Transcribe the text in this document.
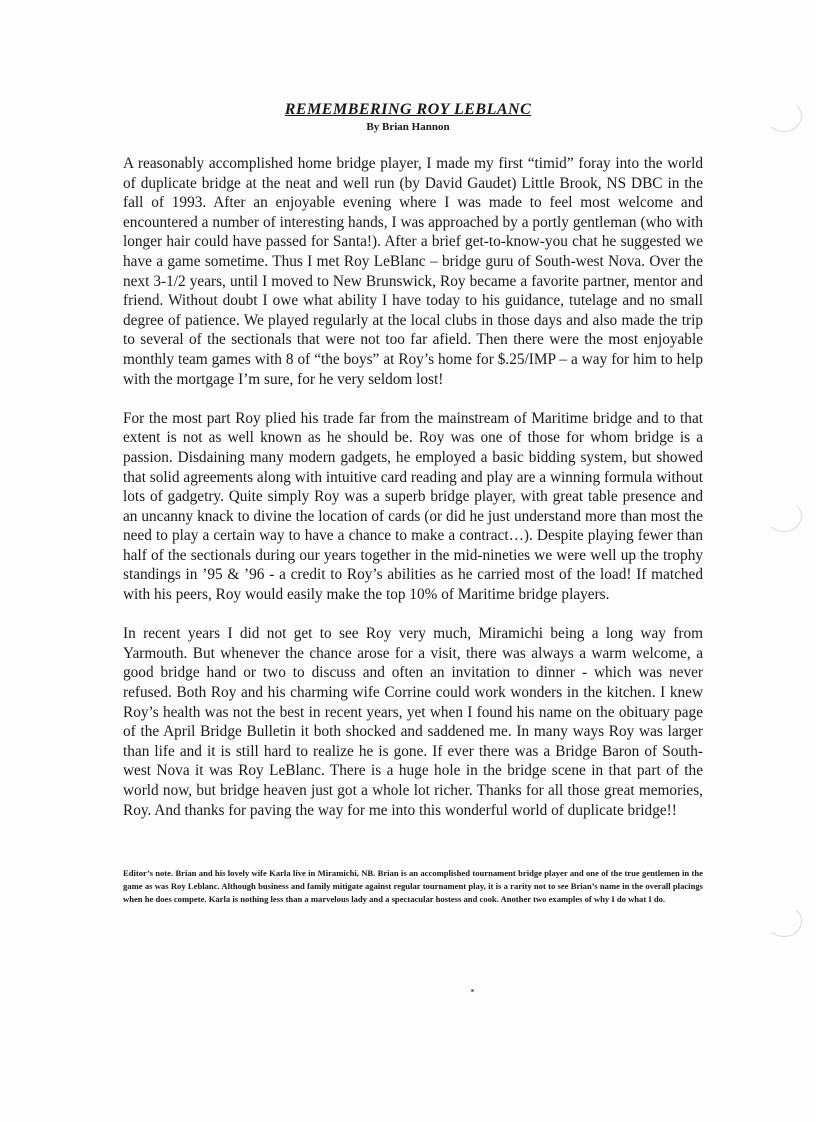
REMEMBERING ROY LEBLANC
By Brian Hannon

A reasonably accomplished home bridge player, I made my first “timid” foray into the world of duplicate bridge at the neat and well run (by David Gaudet) Little Brook, NS DBC in the fall of 1993. After an enjoyable evening where I was made to feel most welcome and encountered a number of interesting hands, I was approached by a portly gentleman (who with longer hair could have passed for Santa!). After a brief get-to-know-you chat he suggested we have a game sometime. Thus I met Roy LeBlanc – bridge guru of South-west Nova. Over the next 3-1/2 years, until I moved to New Brunswick, Roy became a favorite partner, mentor and friend. Without doubt I owe what ability I have today to his guidance, tutelage and no small degree of patience. We played regularly at the local clubs in those days and also made the trip to several of the sectionals that were not too far afield. Then there were the most enjoyable monthly team games with 8 of “the boys” at Roy’s home for $.25/IMP – a way for him to help with the mortgage I’m sure, for he very seldom lost!

For the most part Roy plied his trade far from the mainstream of Maritime bridge and to that extent is not as well known as he should be. Roy was one of those for whom bridge is a passion. Disdaining many modern gadgets, he employed a basic bidding system, but showed that solid agreements along with intuitive card reading and play are a winning formula without lots of gadgetry. Quite simply Roy was a superb bridge player, with great table presence and an uncanny knack to divine the location of cards (or did he just understand more than most the need to play a certain way to have a chance to make a contract…). Despite playing fewer than half of the sectionals during our years together in the mid-nineties we were well up the trophy standings in ’95 & ’96 - a credit to Roy’s abilities as he carried most of the load! If matched with his peers, Roy would easily make the top 10% of Maritime bridge players.

In recent years I did not get to see Roy very much, Miramichi being a long way from Yarmouth. But whenever the chance arose for a visit, there was always a warm welcome, a good bridge hand or two to discuss and often an invitation to dinner - which was never refused. Both Roy and his charming wife Corrine could work wonders in the kitchen. I knew Roy’s health was not the best in recent years, yet when I found his name on the obituary page of the April Bridge Bulletin it both shocked and saddened me. In many ways Roy was larger than life and it is still hard to realize he is gone. If ever there was a Bridge Baron of South-west Nova it was Roy LeBlanc. There is a huge hole in the bridge scene in that part of the world now, but bridge heaven just got a whole lot richer. Thanks for all those great memories, Roy. And thanks for paving the way for me into this wonderful world of duplicate bridge!!

Editor’s note. Brian and his lovely wife Karla live in Miramichi, NB. Brian is an accomplished tournament bridge player and one of the true gentlemen in the game as was Roy Leblanc. Although business and family mitigate against regular tournament play, it is a rarity not to see Brian’s name in the overall placings when he does compete. Karla is nothing less than a marvelous lady and a spectacular hostess and cook. Another two examples of why I do what I do.
